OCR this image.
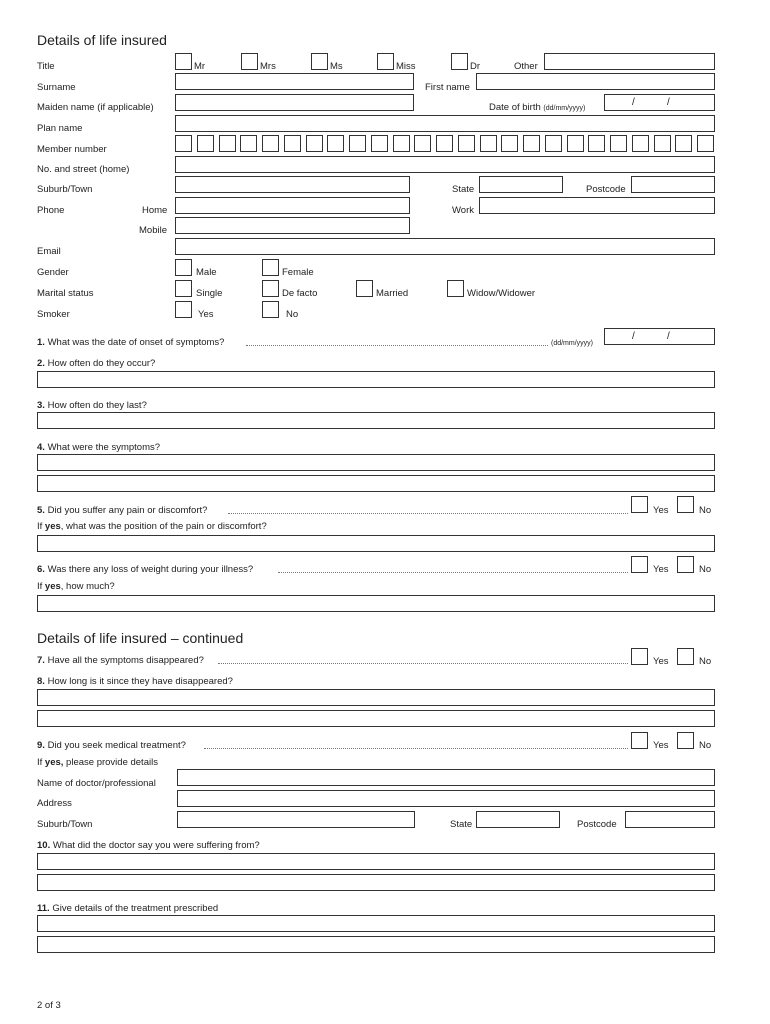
Details of life insured
Title	Mr	Mrs	Ms	Miss	Dr	Other
Surname	First name
Maiden name (if applicable)	Date of birth (dd/mm/yyyy)
/	/
Plan name
Member number
No. and street (home)
Suburb/Town	State	Postcode
Phone	Home	Work
Mobile
Email
Gender	Male	Female
Marital status	Single	De facto	Married	Widow/Widower
Smoker	Yes	No
1. What was the date of onset of symptoms?	(dd/mm/yyyy)
/	/
2. How often do they occur?
3. How often do they last?
4. What were the symptoms?
5. Did you suffer any pain or discomfort?	Yes	No
If yes, what was the position of the pain or discomfort?
6. Was there any loss of weight during your illness?	Yes	No
If yes, how much?
Details of life insured – continued
7. Have all the symptoms disappeared?	Yes	No
8. How long is it since they have disappeared?
9. Did you seek medical treatment?	Yes	No
If yes, please provide details
Name of doctor/professional
Address
Suburb/Town	State	Postcode
10. What did the doctor say you were suffering from?
11. Give details of the treatment prescribed
2 of 3
